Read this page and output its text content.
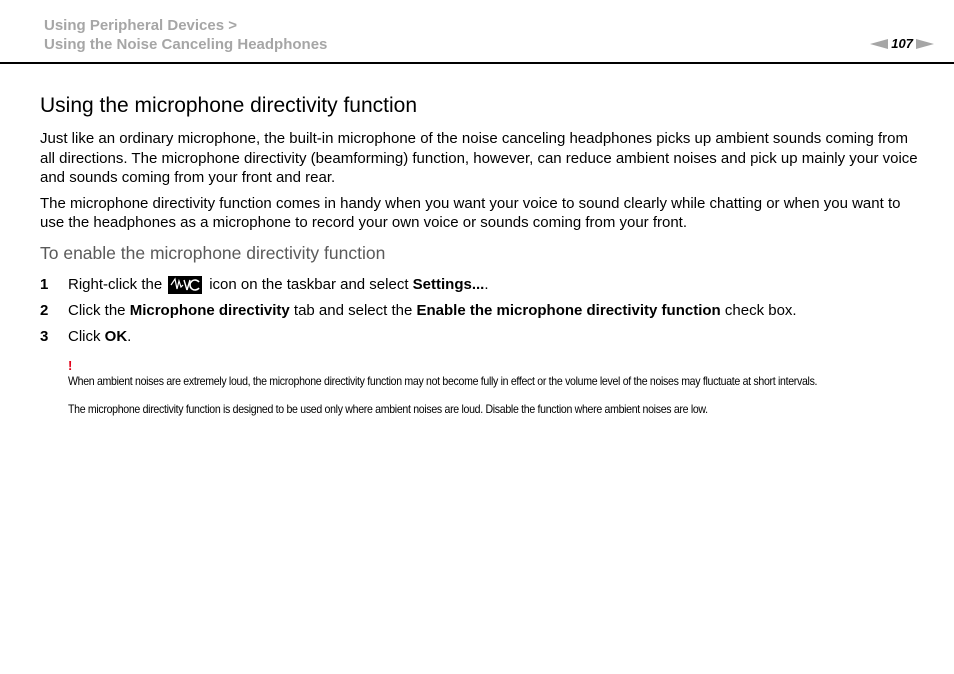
Using Peripheral Devices >
Using the Noise Canceling Headphones	107
Using the microphone directivity function

Just like an ordinary microphone, the built-in microphone of the noise canceling headphones picks up ambient sounds coming from all directions. The microphone directivity (beamforming) function, however, can reduce ambient noises and pick up mainly your voice and sounds coming from your front and rear.

The microphone directivity function comes in handy when you want your voice to sound clearly while chatting or when you want to use the headphones as a microphone to record your own voice or sounds coming from your front.

To enable the microphone directivity function
1	Right-click the	icon on the taskbar and select Settings....
2	Click the Microphone directivity tab and select the Enable the microphone directivity function check box.
3	Click OK.
!

When ambient noises are extremely loud, the microphone directivity function may not become fully in effect or the volume level of the noises may fluctuate at short intervals.

The microphone directivity function is designed to be used only where ambient noises are loud. Disable the function where ambient noises are low.
